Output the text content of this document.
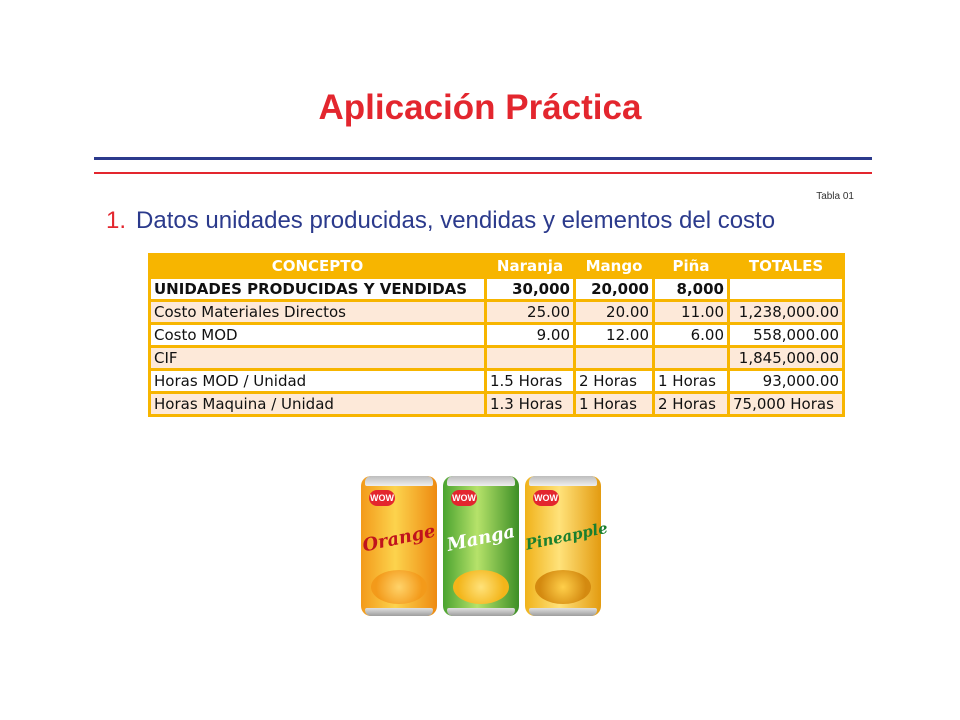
Aplicación Práctica
Tabla 01
1. Datos unidades producidas, vendidas y elementos del costo
CONCEPTO	Naranja	Mango	Piña	TOTALES
UNIDADES PRODUCIDAS Y VENDIDAS	30,000	20,000	8,000	
Costo Materiales Directos	25.00	20.00	11.00	1,238,000.00
Costo MOD	9.00	12.00	6.00	558,000.00
CIF				1,845,000.00
Horas MOD / Unidad	1.5 Horas	2 Horas	1 Horas	93,000.00
Horas Maquina / Unidad	1.3 Horas	1 Horas	2 Horas	75,000 Horas
WOW
Orange
WOW
Manga
WOW
Pineapple
